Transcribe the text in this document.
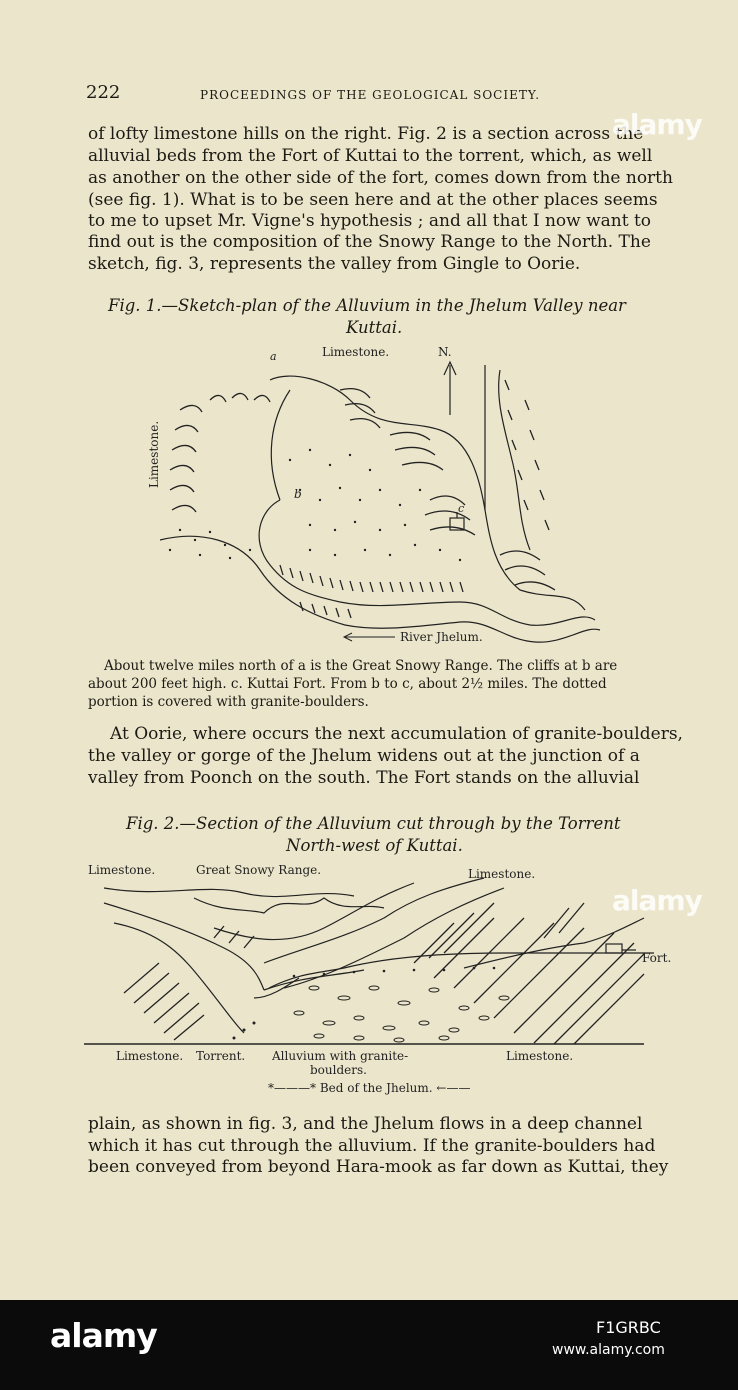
222	PROCEEDINGS OF THE GEOLOGICAL SOCIETY.
of lofty limestone hills on the right. Fig. 2 is a section across the
alluvial beds from the Fort of Kuttai to the torrent, which, as well
as another on the other side of the fort, comes down from the north
(see fig. 1). What is to be seen here and at the other places seems
to me to upset Mr. Vigne's hypothesis ; and all that I now want to
find out is the composition of the Snowy Range to the North. The
sketch, fig. 3, represents the valley from Gingle to Oorie.
Fig. 1.—Sketch-plan of the Alluvium in the Jhelum Valley near
Kuttai.
a	Limestone.	N.
Limestone.
b
c
River Jhelum.
About twelve miles north of a is the Great Snowy Range. The cliffs at b are
about 200 feet high. c. Kuttai Fort. From b to c, about 2½ miles. The dotted
portion is covered with granite-boulders.
At Oorie, where occurs the next accumulation of granite-boulders,
the valley or gorge of the Jhelum widens out at the junction of a
valley from Poonch on the south. The Fort stands on the alluvial
Fig. 2.—Section of the Alluvium cut through by the Torrent
North-west of Kuttai.
Limestone.	Great Snowy Range.	Limestone.
Fort.
Limestone. Torrent. Alluvium with granite-
boulders.
Limestone.
*———* Bed of the Jhelum. ←——
plain, as shown in fig. 3, and the Jhelum flows in a deep channel
which it has cut through the alluvium. If the granite-boulders had
been conveyed from beyond Hara-mook as far down as Kuttai, they
alamy
alamy
alamy	F1GRBC
www.alamy.com
